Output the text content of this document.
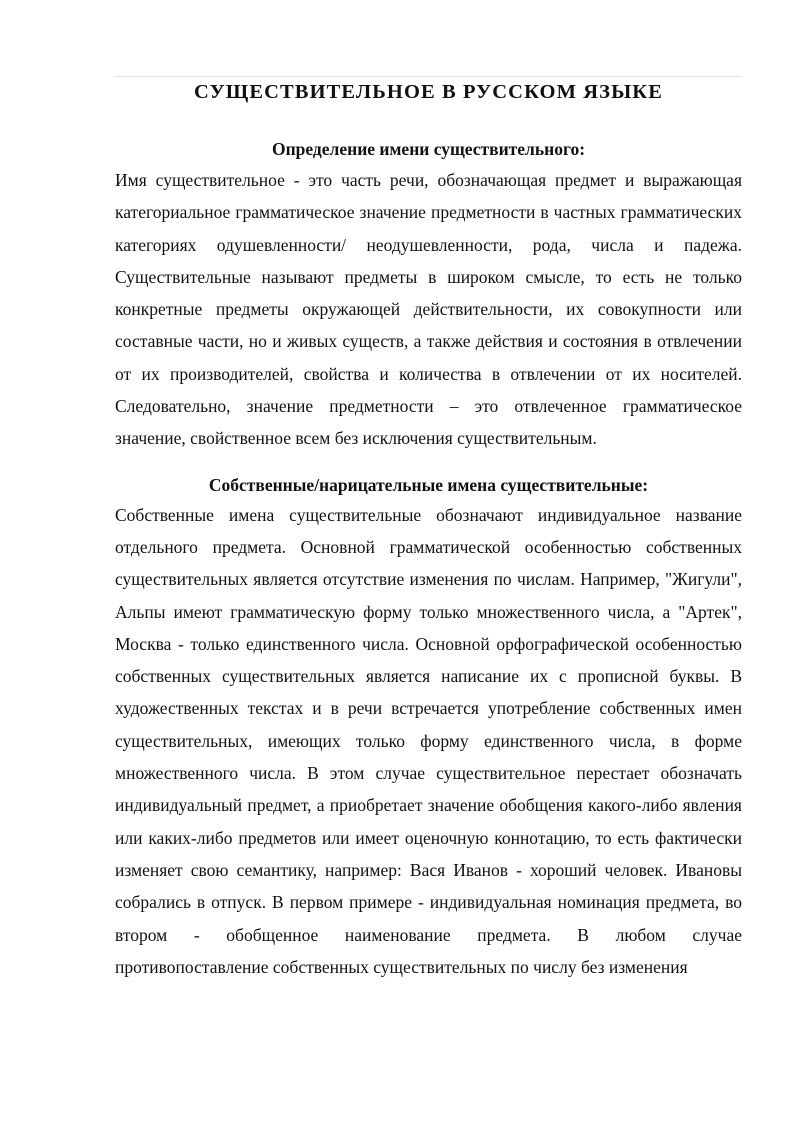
СУЩЕСТВИТЕЛЬНОЕ В РУССКОМ ЯЗЫКЕ
Определение имени существительного:

Имя существительное - это часть речи, обозначающая предмет и выражающая категориальное грамматическое значение предметности в частных грамматических категориях одушевленности/ неодушевленности, рода, числа и падежа. Существительные называют предметы в широком смысле, то есть не только конкретные предметы окружающей действительности, их совокупности или составные части, но и живых существ, а также действия и состояния в отвлечении от их производителей, свойства и количества в отвлечении от их носителей. Следовательно, значение предметности – это отвлеченное грамматическое значение, свойственное всем без исключения существительным.

Собственные/нарицательные имена существительные:

Собственные имена существительные обозначают индивидуальное название отдельного предмета. Основной грамматической особенностью собственных существительных является отсутствие изменения по числам. Например, "Жигули", Альпы имеют грамматическую форму только множественного числа, а "Артек", Москва - только единственного числа. Основной орфографической особенностью собственных существительных является написание их с прописной буквы. В художественных текстах и в речи встречается употребление собственных имен существительных, имеющих только форму единственного числа, в форме множественного числа. В этом случае существительное перестает обозначать индивидуальный предмет, а приобретает значение обобщения какого-либо явления или каких-либо предметов или имеет оценочную коннотацию, то есть фактически изменяет свою семантику, например: Вася Иванов - хороший человек. Ивановы собрались в отпуск. В первом примере - индивидуальная номинация предмета, во втором - обобщенное наименование предмета. В любом случае противопоставление собственных существительных по числу без изменения
